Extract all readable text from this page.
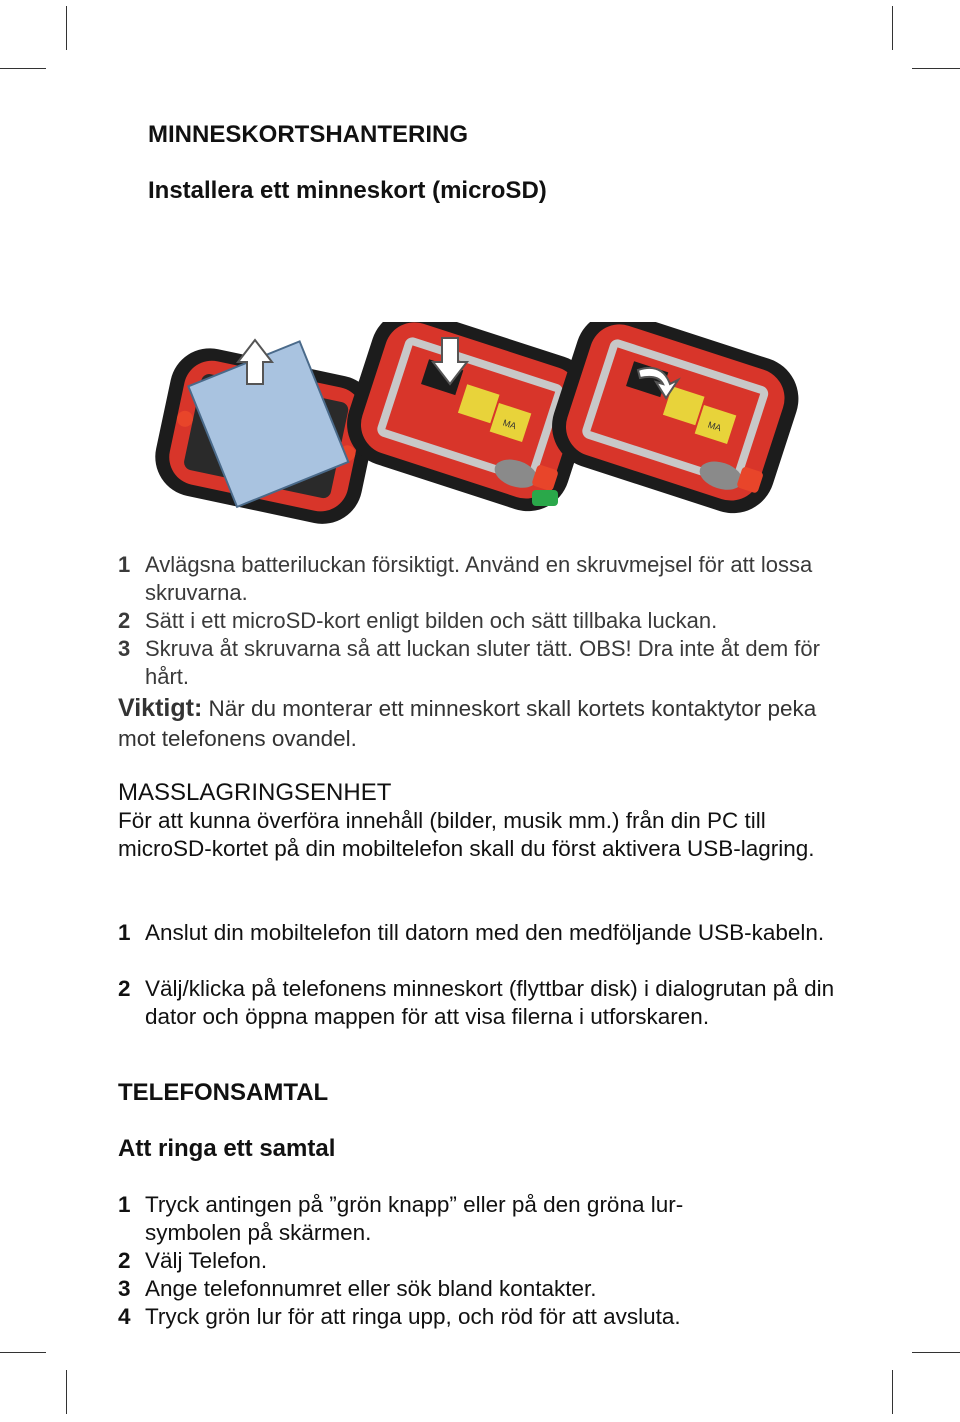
MINNESKORTSHANTERING
Installera ett minneskort (microSD)
MA	MA
1 Avlägsna batteriluckan försiktigt. Använd en skruvmejsel för att lossa skruvarna.
2 Sätt i ett microSD-kort enligt bilden och sätt tillbaka luckan.
3 Skruva åt skruvarna så att luckan sluter tätt. OBS! Dra inte åt dem för hårt.
Viktigt: När du monterar ett minneskort skall kortets kontaktytor peka mot telefonens ovandel.
MASSLAGRINGSENHET
För att kunna överföra innehåll (bilder, musik mm.) från din PC till microSD-kortet på din mobiltelefon skall du först aktivera USB-lagring.
1 Anslut din mobiltelefon till datorn med den medföljande USB-kabeln.
2 Välj/klicka på telefonens minneskort (flyttbar disk) i dialogrutan på din dator och öppna mappen för att visa filerna i utforskaren.
TELEFONSAMTAL
Att ringa ett samtal
1 Tryck antingen på ”grön knapp” eller på den gröna lur-symbolen på skärmen.
2 Välj Telefon.
3 Ange telefonnumret eller sök bland kontakter.
4 Tryck grön lur för att ringa upp, och röd för att avsluta.
